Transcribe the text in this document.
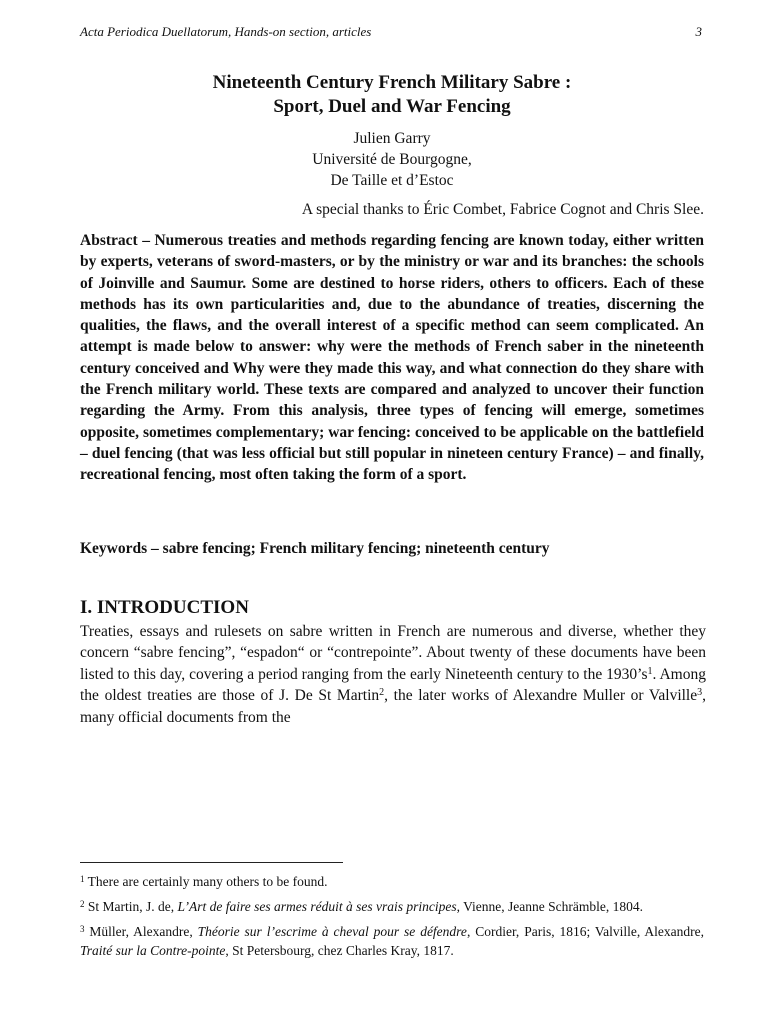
Acta Periodica Duellatorum, Hands-on section, articles	3
Nineteenth Century French Military Sabre :
Sport, Duel and War Fencing
Julien Garry
Université de Bourgogne,
De Taille et d’Estoc
A special thanks to Éric Combet, Fabrice Cognot and Chris Slee.
Abstract – Numerous treaties and methods regarding fencing are known today, either written by experts, veterans of sword-masters, or by the ministry or war and its branches: the schools of Joinville and Saumur. Some are destined to horse riders, others to officers. Each of these methods has its own particularities and, due to the abundance of treaties, discerning the qualities, the flaws, and the overall interest of a specific method can seem complicated. An attempt is made below to answer: why were the methods of French saber in the nineteenth century conceived and Why were they made this way, and what connection do they share with the French military world. These texts are compared and analyzed to uncover their function regarding the Army. From this analysis, three types of fencing will emerge, sometimes opposite, sometimes complementary; war fencing: conceived to be applicable on the battlefield – duel fencing (that was less official but still popular in nineteen century France) – and finally, recreational fencing, most often taking the form of a sport.
Keywords – sabre fencing; French military fencing; nineteenth century
I. INTRODUCTION
Treaties, essays and rulesets on sabre written in French are numerous and diverse, whether they concern “sabre fencing”, “espadon“ or “contrepointe”. About twenty of these documents have been listed to this day, covering a period ranging from the early Nineteenth century to the $1930’s^1$. Among the oldest treaties are those of J. De St Martin$^2$, the later works of Alexandre Muller or Valville$^3$, many official documents from the
$^1$ There are certainly many others to be found.
$^2$ St Martin, J. de, L’Art de faire ses armes réduit à ses vrais principes, Vienne, Jeanne Schrämble, 1804.
$^3$ Müller, Alexandre, Théorie sur l’escrime à cheval pour se défendre, Cordier, Paris, 1816; Valville, Alexandre, Traité sur la Contre-pointe, St Petersbourg, chez Charles Kray, 1817.
